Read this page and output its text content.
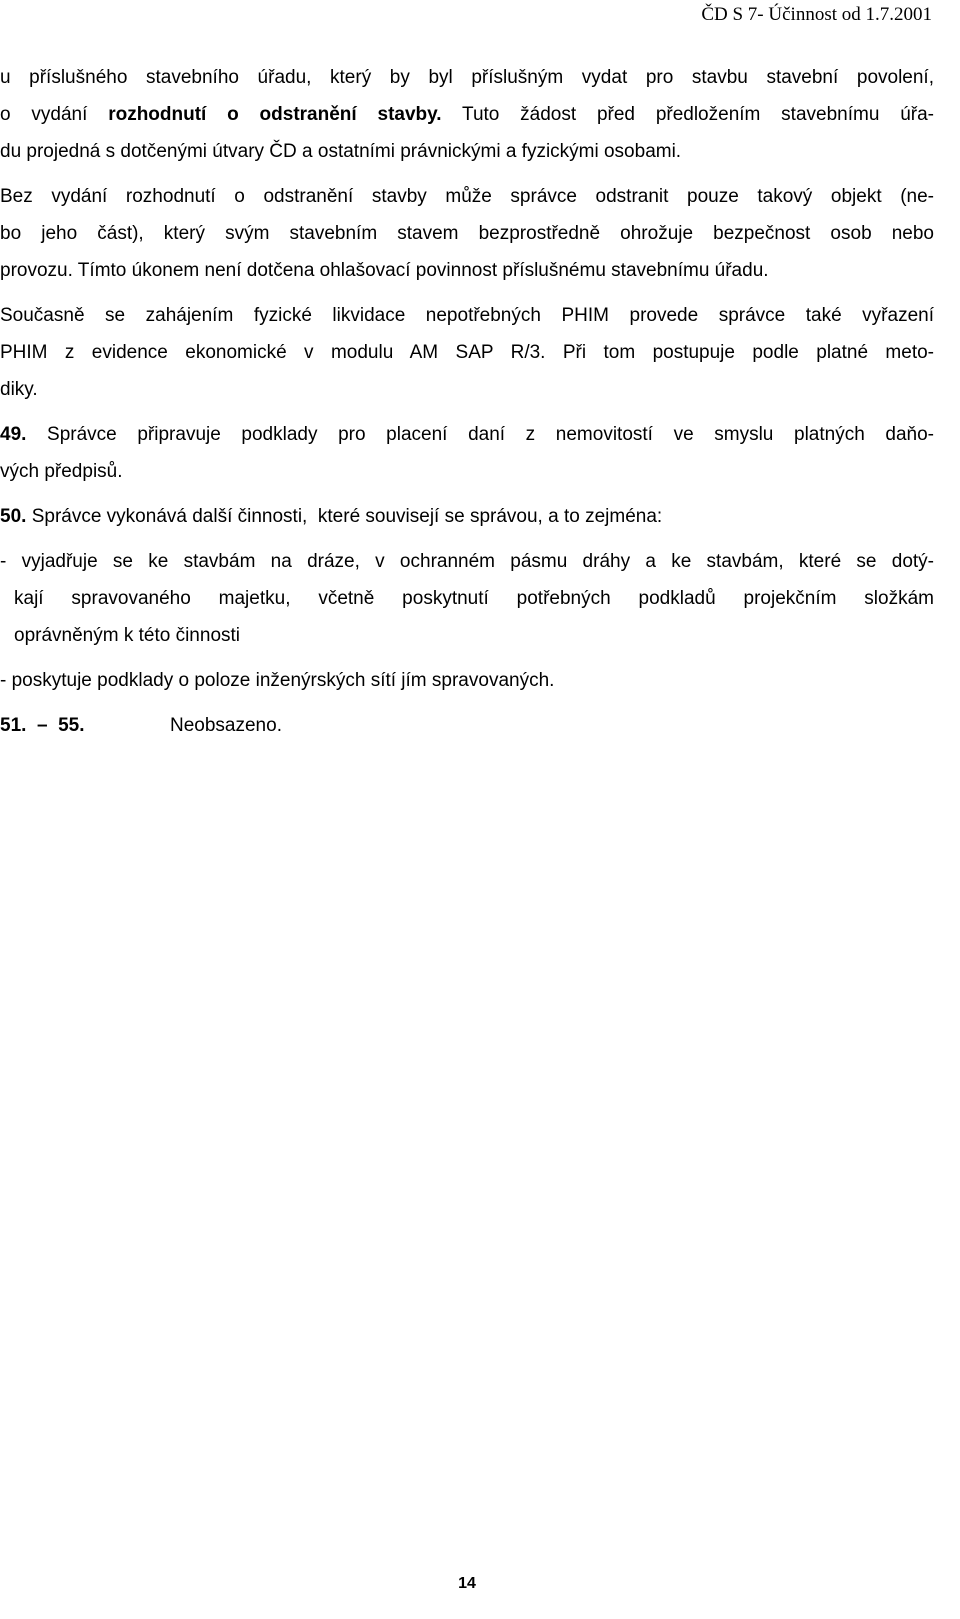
ČD S 7- Účinnost od 1.7.2001
u příslušného stavebního úřadu, který by byl příslušným vydat pro stavbu stavební povolení,
o vydání rozhodnutí o odstranění stavby. Tuto žádost před předložením stavebnímu úřa-
du projedná s dotčenými útvary ČD a ostatními právnickými a fyzickými osobami.
Bez vydání rozhodnutí o odstranění stavby může správce odstranit pouze takový objekt (ne-
bo jeho část), který svým stavebním stavem bezprostředně ohrožuje bezpečnost osob nebo
provozu. Tímto úkonem není dotčena ohlašovací povinnost příslušnému stavebnímu úřadu.
Současně se zahájením fyzické likvidace nepotřebných PHIM provede správce také vyřazení
PHIM z evidence ekonomické v modulu AM SAP R/3. Při tom postupuje podle platné meto-
diky.
49. Správce připravuje podklady pro placení daní z nemovitostí ve smyslu platných daňo-
vých předpisů.
50. Správce vykonává další činnosti,  které souvisejí se správou, a to zejména:
- vyjadřuje se ke stavbám na dráze, v ochranném pásmu dráhy a ke stavbám, které se dotý-
kají spravovaného majetku, včetně poskytnutí potřebných podkladů projekčním složkám
oprávněným k této činnosti
- poskytuje podklady o poloze inženýrských sítí jím spravovaných.
51.  –  55.	Neobsazeno.
14
